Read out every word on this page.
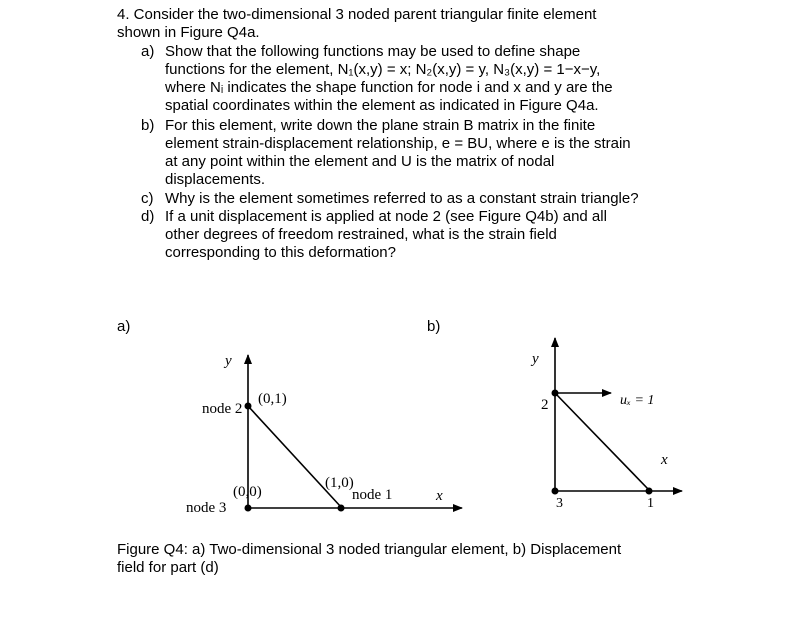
4. Consider the two-dimensional 3 noded parent triangular finite element
shown in Figure Q4a.
a) Show that the following functions may be used to define shape
functions for the element, N₁(x,y) = x; N₂(x,y) = y, N₃(x,y) = 1−x−y,
where Nᵢ indicates the shape function for node i and x and y are the
spatial coordinates within the element as indicated in Figure Q4a.
b) For this element, write down the plane strain B matrix in the finite
element strain-displacement relationship, e = BU, where e is the strain
at any point within the element and U is the matrix of nodal
displacements.
c) Why is the element sometimes referred to as a constant strain triangle?
d) If a unit displacement is applied at node 2 (see Figure Q4b) and all
other degrees of freedom restrained, what is the strain field
corresponding to this deformation?
a)	b)
y
x
node 2
(0,1)
(0,0)
node 3
(1,0)
node 1
y
x
uₓ = 1
2
3	1
Figure Q4: a) Two-dimensional 3 noded triangular element, b) Displacement
field for part (d)
